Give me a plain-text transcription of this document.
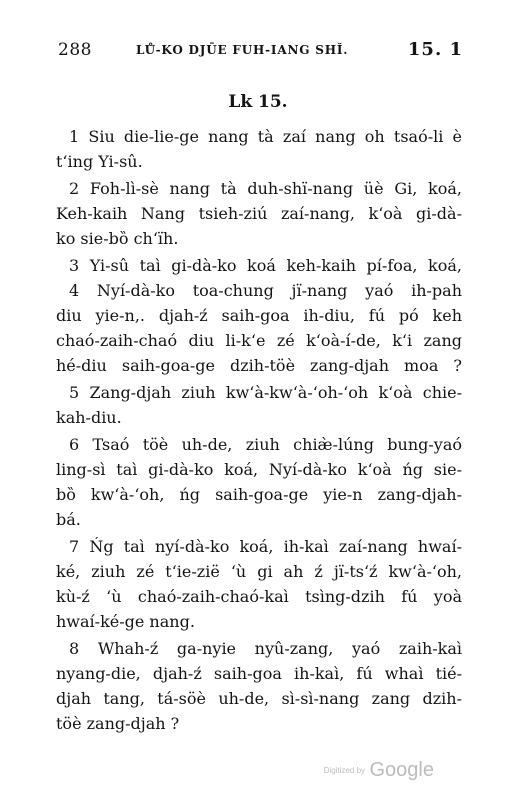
288	LŮ-KO DJŪE FUH-IANG SHǏ.	15. 1
Lk 15.
1 Siu die-lie-ge nang tà zaí nang oh tsaó-li è
t‘ing Yi-sû.
2 Foh-lì-sè nang tà duh-shï-nang üè Gi, koá,
Keh-kaih Nang tsieh-ziú zaí-nang, k‘oà gi-dà-
ko sie-bȍ ch‘ïh.
3 Yi-sû taì gi-dà-ko koá keh-kaih pí-foa, koá,
4 Nyí-dà-ko toa-chung jï-nang yaó ih-pah
diu yie-n,. djah-ź saih-goa ih-diu, fú pó keh
chaó-zaih-chaó diu li-k‘e zé k‘oà-í-de, k‘i zang
hé-diu saih-goa-ge dzih-töè zang-djah moa ?
5 Zang-djah ziuh kw‘à-kw‘à-‘oh-‘oh k‘oà chie-
kah-diu.
6 Tsaó töè uh-de, ziuh chiæ̀-lúng bung-yaó
ling-sì taì gi-dà-ko koá, Nyí-dà-ko k‘oà ńg sie-
bȍ kw‘à-‘oh, ńg saih-goa-ge yie-n zang-djah-
bá.
7 Ńg taì nyí-dà-ko koá, ih-kaì zaí-nang hwaí-
ké, ziuh zé t‘ie-zië ‘ù gi ah ź jï-ts‘ź kw‘à-‘oh,
kù-ź ‘ù chaó-zaih-chaó-kaì tsìng-dzih fú yoà
hwaí-ké-ge nang.
8 Whah-ź ga-nyie nyû-zang, yaó zaih-kaì
nyang-die, djah-ź saih-goa ih-kaì, fú whaì tié-
djah tang, tá-söè uh-de, sì-sì-nang zang dzih-
töè zang-djah ?
Digitized by Google
